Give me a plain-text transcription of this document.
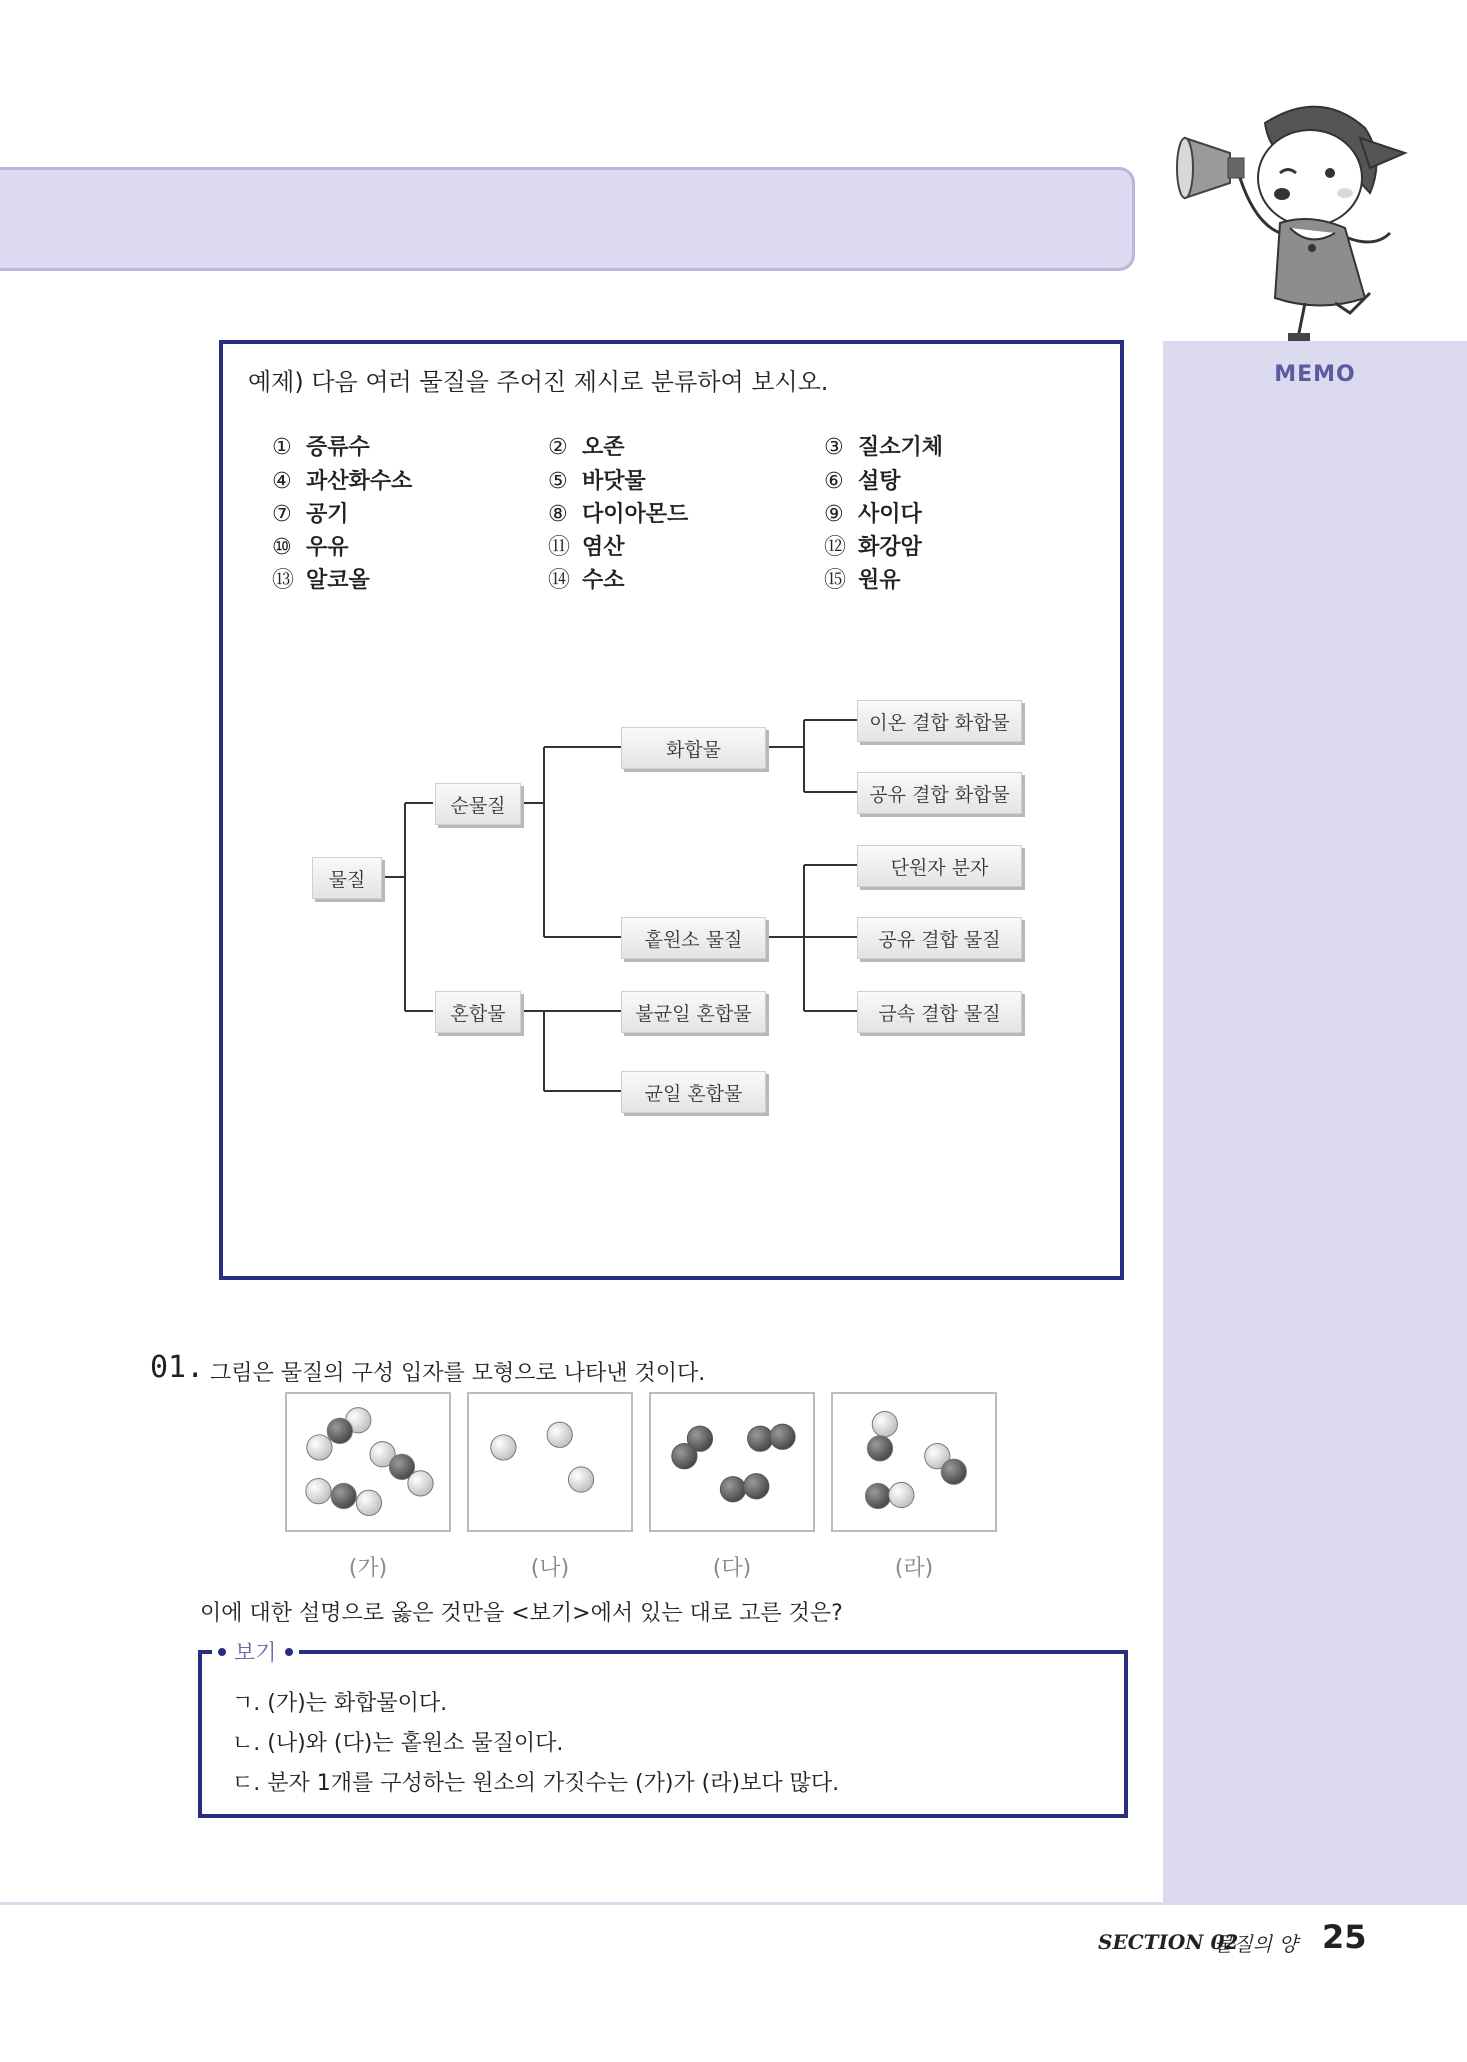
MEMO
예제) 다음 여러 물질을 주어진 제시로 분류하여 보시오.
① 증류수	② 오존	③ 질소기체
④ 과산화수소	⑤ 바닷물	⑥ 설탕
⑦ 공기	⑧ 다이아몬드	⑨ 사이다
⑩ 우유	⑪ 염산	⑫ 화강암
⑬ 알코올	⑭ 수소	⑮ 원유
물질
순물질
혼합물
화합물
홑원소 물질
불균일 혼합물
균일 혼합물
이온 결합 화합물
공유 결합 화합물
단원자 분자
공유 결합 물질
금속 결합 물질
01. 그림은 물질의 구성 입자를 모형으로 나타낸 것이다.
(가)	(나)	(다)	(라)
이에 대한 설명으로 옳은 것만을 <보기>에서 있는 대로 고른 것은?
보기
ㄱ. (가)는 화합물이다.
ㄴ. (나)와 (다)는 홑원소 물질이다.
ㄷ. 분자 1개를 구성하는 원소의 가짓수는 (가)가 (라)보다 많다.
SECTION 02
물질의 양 25
